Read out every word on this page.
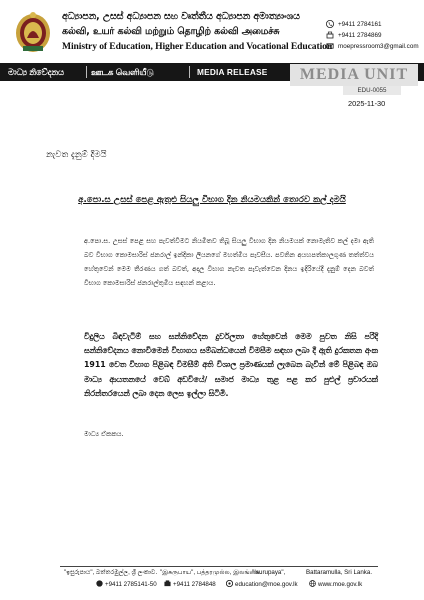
අධ්‍යාපන, උසස් අධ්‍යාපන සහ වෘත්තීය අධ්‍යාපන අමාත්‍යාංශය
கல்வி, உயர் கல்வி மற்றும் தொழிற் கல்வி அமைச்சு
Ministry of Education, Higher Education and Vocational Education
+9411 2784161
+9411 2784869
moepressroom3@gmail.com
මාධ්‍ය නිවේදනය	ஊடக வெளியீடு	MEDIA RELEASE	MEDIA UNIT
EDU-0055
2025-11-30
නැවත දැනුම් දීමයි
අ.පො.ස උසස් පෙළ ඇතුළු සියලු විභාග දින නියමයකින් තොරව කල් දමයි
අ.පො.ස. උසස් පෙළ සහ පැවත්වීමට නියමිතව තිබූ සියලු විභාග දින නියමයක් නොමැතිව කල් දමා ඇති බව විභාග කොමසාරිස් ජනරාල් ඉන්දිකා ලියනගේ මහත්මිය පැවසීය. පවතින අයහපත්කාලගුණ තත්ත්වය හේතුවෙන් මෙම තීරණය ගත් බවත්, අදාල විභාග නැවත පැවැත්වෙන දිනය ඉදිරියේදී දැනුම් දෙන බවත් විභාග කොමසාරිස් ජනරාල්තුමිය සඳහන් කළාය.
විදුලිය බිඳවැටීම් සහ සන්නිවේදන දුර්වලතා හේතුවෙන් මෙම පුවත නිසි පරිදි සන්නිවේදනය නොවීමෙන් විභාගය සම්බන්ධයෙන් විමසීම සඳහා ලබා දී ඇති දුරකතන අංක 1911 වෙත විභාග පිළිබඳ විමසීම් අති විශාල ප්‍රමාණයක් ලැබෙන බැවින් මේ පිළිබඳ ඔබ මාධ්‍ය ආයතනයේ වෙබ් අඩවියේ/ සමාජ මාධ්‍ය තුළ පළ කර පුළුල් ප්‍රචාරයක් නිරන්තරයෙන් ලබා දෙන ලෙස ඉල්ලා සිටිමි.
මාධ්‍ය ඒකකය.
"ඉසුරුපාය", බත්තරමුල්ල, ශ්‍රී ලංකාව. "இசுருபாய", பத்தரமுல்ல, இலங்கை.
"Isurupaya",	Battaramulla, Sri Lanka.
+9411 2785141-50	+9411 2784848	education@moe.gov.lk	www.moe.gov.lk
